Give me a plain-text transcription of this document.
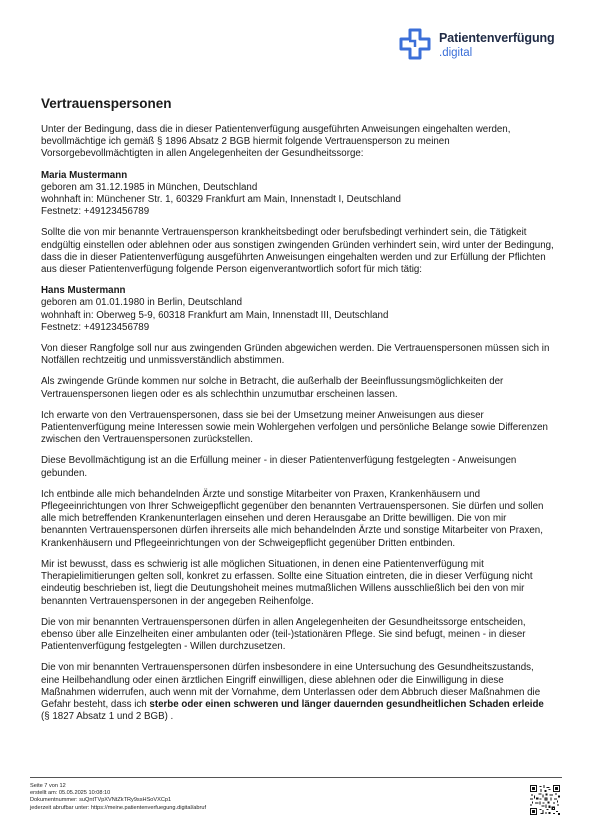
Patientenverfügung
.digital
Vertrauenspersonen

Unter der Bedingung, dass die in dieser Patientenverfügung ausgeführten Anweisungen eingehalten werden, bevollmächtige ich gemäß § 1896 Absatz 2 BGB hiermit folgende Vertrauensperson zu meinen Vorsorgebevollmächtigten in allen Angelegenheiten der Gesundheitssorge:

Maria Mustermann
geboren am 31.12.1985 in München, Deutschland
wohnhaft in: Münchener Str. 1, 60329 Frankfurt am Main, Innenstadt I, Deutschland
Festnetz: +49123456789

Sollte die von mir benannte Vertrauensperson krankheitsbedingt oder berufsbedingt verhindert sein, die Tätigkeit endgültig einstellen oder ablehnen oder aus sonstigen zwingenden Gründen verhindert sein, wird unter der Bedingung, dass die in dieser Patientenverfügung ausgeführten Anweisungen eingehalten werden und zur Erfüllung der Pflichten aus dieser Patientenverfügung folgende Person eigenverantwortlich sofort für mich tätig:

Hans Mustermann
geboren am 01.01.1980 in Berlin, Deutschland
wohnhaft in: Oberweg 5-9, 60318 Frankfurt am Main, Innenstadt III, Deutschland
Festnetz: +49123456789

Von dieser Rangfolge soll nur aus zwingenden Gründen abgewichen werden. Die Vertrauenspersonen müssen sich in Notfällen rechtzeitig und unmissverständlich abstimmen.

Als zwingende Gründe kommen nur solche in Betracht, die außerhalb der Beeinflussungsmöglichkeiten der Vertrauenspersonen liegen oder es als schlechthin unzumutbar erscheinen lassen.

Ich erwarte von den Vertrauenspersonen, dass sie bei der Umsetzung meiner Anweisungen aus dieser Patientenverfügung meine Interessen sowie mein Wohlergehen verfolgen und persönliche Belange sowie Differenzen zwischen den Vertrauenspersonen zurückstellen.

Diese Bevollmächtigung ist an die Erfüllung meiner - in dieser Patientenverfügung festgelegten - Anweisungen gebunden.

Ich entbinde alle mich behandelnden Ärzte und sonstige Mitarbeiter von Praxen, Krankenhäusern und Pflegeeinrichtungen von Ihrer Schweigepflicht gegenüber den benannten Vertrauenspersonen. Sie dürfen und sollen alle mich betreffenden Krankenunterlagen einsehen und deren Herausgabe an Dritte bewilligen. Die von mir benannten Vertrauenspersonen dürfen ihrerseits alle mich behandelnden Ärzte und sonstige Mitarbeiter von Praxen, Krankenhäusern und Pflegeeinrichtungen von der Schweigepflicht gegenüber Dritten entbinden.

Mir ist bewusst, dass es schwierig ist alle möglichen Situationen, in denen eine Patientenverfügung mit Therapielimitierungen gelten soll, konkret zu erfassen. Sollte eine Situation eintreten, die in dieser Verfügung nicht eindeutig beschrieben ist, liegt die Deutungshoheit meines mutmaßlichen Willens ausschließlich bei den von mir benannten Vertrauenspersonen in der angegeben Reihenfolge.

Die von mir benannten Vertrauenspersonen dürfen in allen Angelegenheiten der Gesundheitssorge entscheiden, ebenso über alle Einzelheiten einer ambulanten oder (teil-)stationären Pflege. Sie sind befugt, meinen - in dieser Patientenverfügung festgelegten - Willen durchzusetzen.

Die von mir benannten Vertrauenspersonen dürfen insbesondere in eine Untersuchung des Gesundheitszustands, eine Heilbehandlung oder einen ärztlichen Eingriff einwilligen, diese ablehnen oder die Einwilligung in diese Maßnahmen widerrufen, auch wenn mit der Vornahme, dem Unterlassen oder dem Abbruch dieser Maßnahmen die Gefahr besteht, dass ich sterbe oder einen schweren und länger dauernden gesundheitlichen Schaden erleide (§ 1827 Absatz 1 und 2 BGB) .

Seite 7 von 12
erstellt am: 05.05.2025 10:08:10
Dokumentnummer: suQntTVpXVNtZkTRy9ssHSoVXCp1
jederzeit abrufbar unter: https://meine.patientenverfuegung.digital/abruf
